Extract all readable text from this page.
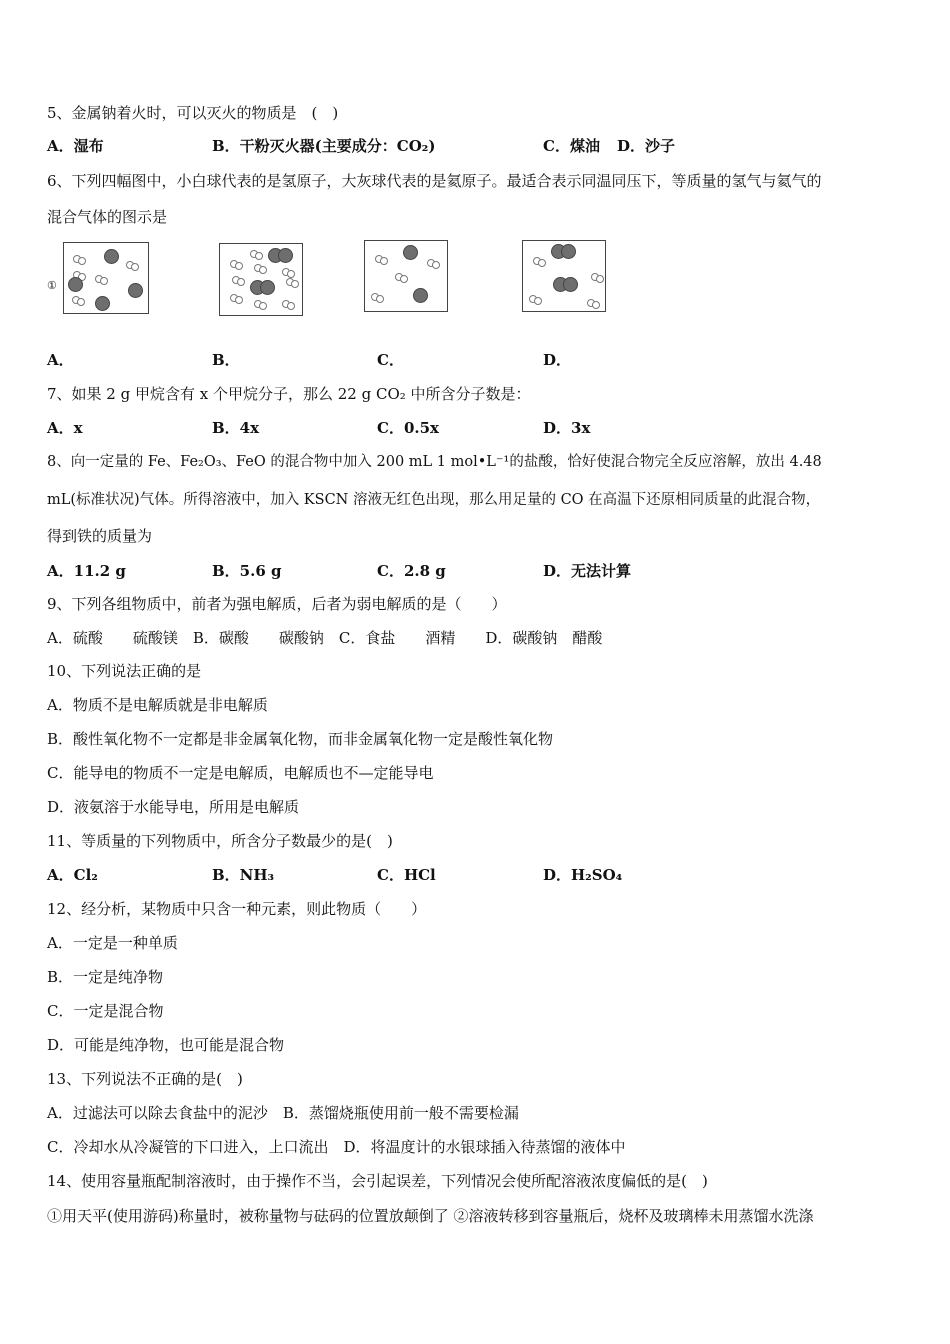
5、金属钠着火时，可以灭火的物质是　(　)
A．湿布	B．干粉灭火器(主要成分：CO₂)	C．煤油 D．沙子
6、下列四幅图中，小白球代表的是氢原子，大灰球代表的是氦原子。最适合表示同温同压下，等质量的氢气与氦气的
混合气体的图示是
①
A．	B．	C．	D．
7、如果 2 g 甲烷含有 x 个甲烷分子，那么 22 g CO₂ 中所含分子数是：
A．x	B．4x	C．0.5x	D．3x
8、向一定量的 Fe、Fe₂O₃、FeO 的混合物中加入 200 mL 1 mol•L⁻¹的盐酸，恰好使混合物完全反应溶解，放出 4.48
mL(标准状况)气体。所得溶液中，加入 KSCN 溶液无红色出现，那么用足量的 CO 在高温下还原相同质量的此混合物，
得到铁的质量为
A．11.2 g	B．5.6 g	C．2.8 g	D．无法计算
9、下列各组物质中，前者为强电解质，后者为弱电解质的是（　　）
A．硫酸　　硫酸镁　B．碳酸　　碳酸钠　C．食盐　　酒精　　D．碳酸钠　醋酸
10、下列说法正确的是
A．物质不是电解质就是非电解质
B．酸性氧化物不一定都是非金属氧化物，而非金属氧化物一定是酸性氧化物
C．能导电的物质不一定是电解质，电解质也不—定能导电
D．液氨溶于水能导电，所用是电解质
11、等质量的下列物质中，所含分子数最少的是(　)
A．Cl₂	B．NH₃	C．HCl	D．H₂SO₄
12、经分析，某物质中只含一种元素，则此物质（　　）
A．一定是一种单质
B．一定是纯净物
C．一定是混合物
D．可能是纯净物，也可能是混合物
13、下列说法不正确的是(　)
A．过滤法可以除去食盐中的泥沙　B．蒸馏烧瓶使用前一般不需要检漏
C．冷却水从冷凝管的下口进入，上口流出　D．将温度计的水银球插入待蒸馏的液体中
14、使用容量瓶配制溶液时，由于操作不当，会引起误差，下列情况会使所配溶液浓度偏低的是(　)
①用天平(使用游码)称量时，被称量物与砝码的位置放颠倒了 ②溶液转移到容量瓶后，烧杯及玻璃棒未用蒸馏水洗涤
